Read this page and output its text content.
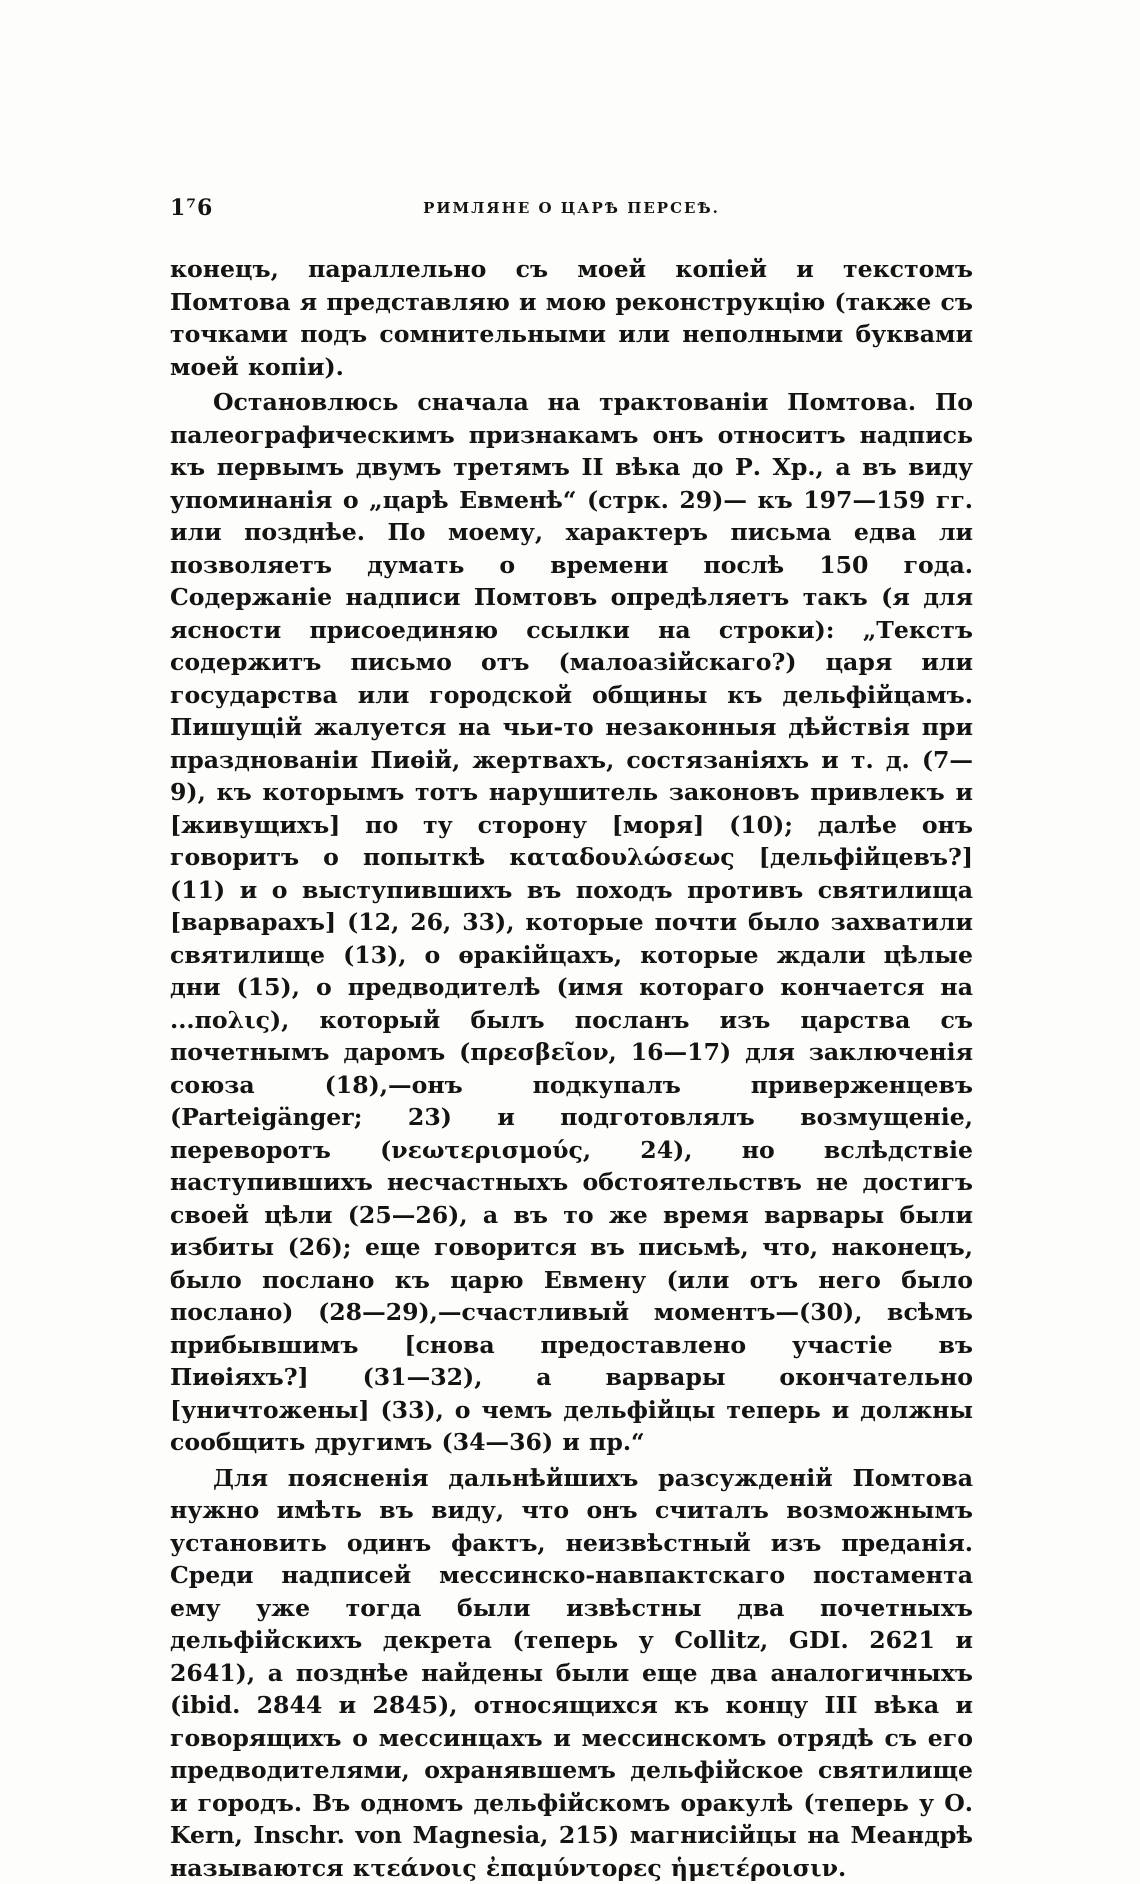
1⁷6	РИМЛЯНЕ О ЦАРѢ ПЕРСЕѢ.

конецъ, параллельно съ моей копіей и текстомъ Помтова я представляю и мою реконструкцію (также съ точками подъ сомнительными или неполными буквами моей копіи).

Остановлюсь сначала на трактованіи Помтова. По палеографическимъ признакамъ онъ относитъ надпись къ первымъ двумъ третямъ II вѣка до Р. Хр., а въ виду упоминанія о „царѣ Евменѣ“ (стрк. 29)— къ 197—159 гг. или позднѣе. По моему, характеръ письма едва ли позволяетъ думать о времени послѣ 150 года. Содержаніе надписи Помтовъ опредѣляетъ такъ (я для ясности присоединяю ссылки на строки): „Текстъ содержитъ письмо отъ (малоазійскаго?) царя или государства или городской общины къ дельфійцамъ. Пишущій жалуется на чьи-то незаконныя дѣйствія при празднованіи Пиѳій, жертвахъ, состязаніяхъ и т. д. (7—9), къ которымъ тотъ нарушитель законовъ привлекъ и [живущихъ] по ту сторону [моря] (10); далѣе онъ говоритъ о попыткѣ καταδουλώσεως [дельфійцевъ?] (11) и о выступившихъ въ походъ противъ святилища [варварахъ] (12, 26, 33), которые почти было захватили святилище (13), о ѳракійцахъ, которые ждали цѣлые дни (15), о предводителѣ (имя котораго кончается на ...πολις), который былъ посланъ изъ царства съ почетнымъ даромъ (πρεσβεῖον, 16—17) для заключенія союза (18),—онъ подкупалъ приверженцевъ (Parteigänger; 23) и подготовлялъ возмущеніе, переворотъ (νεωτερισμούς, 24), но вслѣдствіе наступившихъ несчастныхъ обстоятельствъ не достигъ своей цѣли (25—26), а въ то же время варвары были избиты (26); еще говорится въ письмѣ, что, наконецъ, было послано къ царю Евмену (или отъ него было послано) (28—29),—счастливый моментъ—(30), всѣмъ прибывшимъ [снова предоставлено участіе въ Пиѳіяхъ?] (31—32), а варвары окончательно [уничтожены] (33), о чемъ дельфійцы теперь и должны сообщить другимъ (34—36) и пр.“

Для поясненія дальнѣйшихъ разсужденій Помтова нужно имѣть въ виду, что онъ считалъ возможнымъ установить одинъ фактъ, неизвѣстный изъ преданія. Среди надписей мессинско-навпактскаго постамента ему уже тогда были извѣстны два почетныхъ дельфійскихъ декрета (теперь у Collitz, GDI. 2621 и 2641), а позднѣе найдены были еще два аналогичныхъ (ibid. 2844 и 2845), относящихся къ концу III вѣка и говорящихъ о мессинцахъ и мессинскомъ отрядѣ съ его предводителями, охранявшемъ дельфійское святилище и городъ. Въ одномъ дельфійскомъ оракулѣ (теперь у О. Kern, Inschr. von Magnesia, 215) магнисійцы на Меандрѣ называются κτεάνοις ἐπαμύντορες ἡμετέροισιν.
